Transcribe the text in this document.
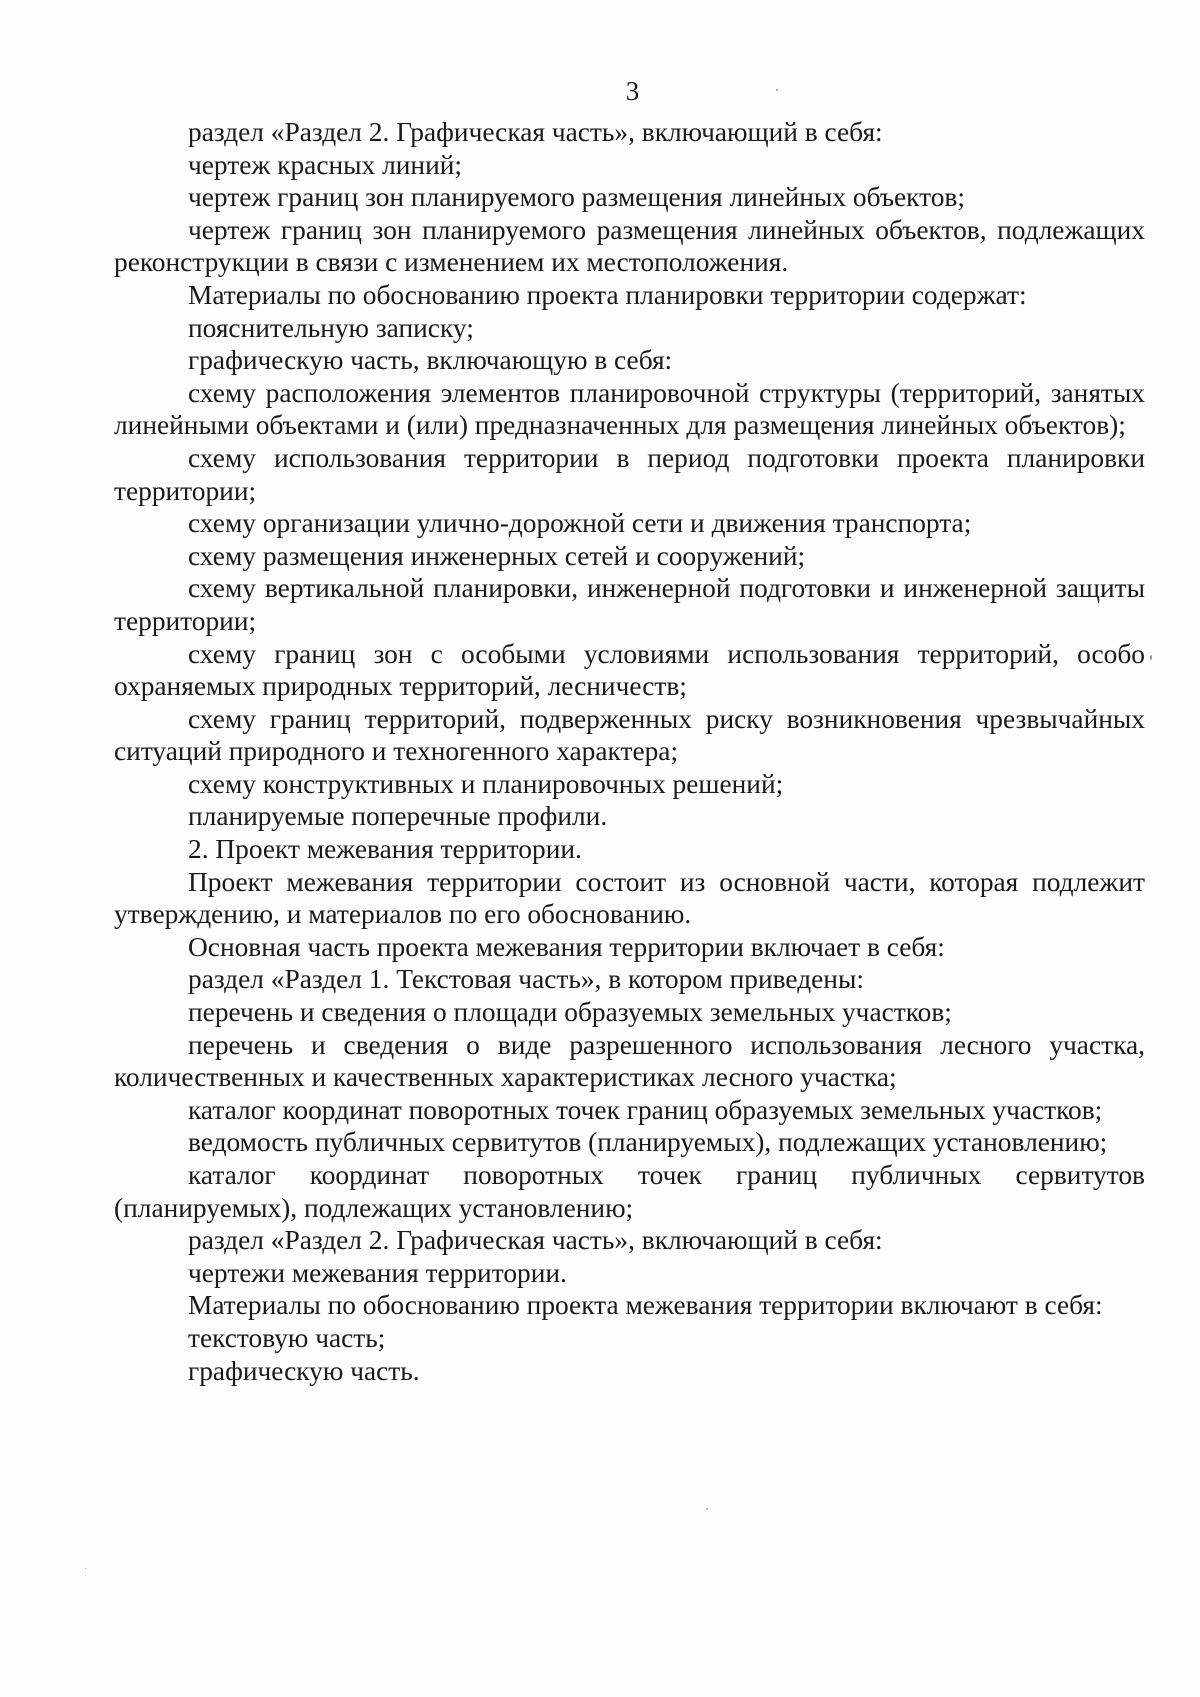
3

раздел «Раздел 2. Графическая часть», включающий в себя:

чертеж красных линий;

чертеж границ зон планируемого размещения линейных объектов;

чертеж границ зон планируемого размещения линейных объектов, подлежащих реконструкции в связи с изменением их местоположения.

Материалы по обоснованию проекта планировки территории содержат:

пояснительную записку;

графическую часть, включающую в себя:

схему расположения элементов планировочной структуры (территорий, занятых линейными объектами и (или) предназначенных для размещения линейных объектов);

схему использования территории в период подготовки проекта планировки территории;

схему организации улично-дорожной сети и движения транспорта;

схему размещения инженерных сетей и сооружений;

схему вертикальной планировки, инженерной подготовки и инженерной защиты территории;

схему границ зон с особыми условиями использования территорий, особо охраняемых природных территорий, лесничеств;

схему границ территорий, подверженных риску возникновения чрезвычайных ситуаций природного и техногенного характера;

схему конструктивных и планировочных решений;

планируемые поперечные профили.

2. Проект межевания территории.

Проект межевания территории состоит из основной части, которая подлежит утверждению, и материалов по его обоснованию.

Основная часть проекта межевания территории включает в себя:

раздел «Раздел 1. Текстовая часть», в котором приведены:

перечень и сведения о площади образуемых земельных участков;

перечень и сведения о виде разрешенного использования лесного участка, количественных и качественных характеристиках лесного участка;

каталог координат поворотных точек границ образуемых земельных участков;

ведомость публичных сервитутов (планируемых), подлежащих установлению;

каталог координат поворотных точек границ публичных сервитутов (планируемых), подлежащих установлению;

раздел «Раздел 2. Графическая часть», включающий в себя:

чертежи межевания территории.

Материалы по обоснованию проекта межевания территории включают в себя:

текстовую часть;

графическую часть.
